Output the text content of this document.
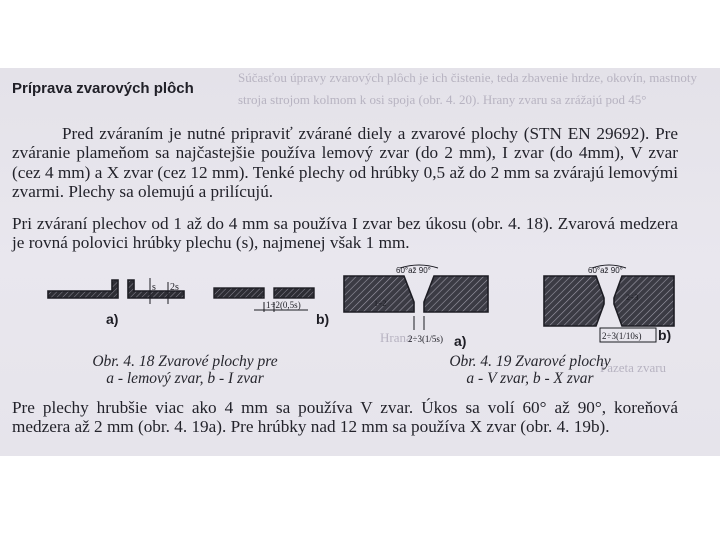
Súčasťou úpravy zvarových plôch je ich čistenie, teda zbavenie hrdze, okovín, mastnoty
stroja strojom kolmom k osi spoja (obr. 4. 20). Hrany zvaru sa zrážajú pod 45°
Hrana
Fazeta zvaru
Príprava zvarových plôch
Pred zváraním je nutné pripraviť zvárané diely a zvarové plochy (STN EN 29692). Pre
zváranie plameňom sa najčastejšie používa lemový zvar (do 2 mm), I zvar (do 4mm), V zvar (cez 4 mm) a X zvar (cez 12 mm). Tenké plechy od hrúbky 0,5 až do 2 mm sa zvárajú lemovými zvarmi. Plechy sa olemujú a prilícujú.
Pri zváraní plechov od 1 až do 4 mm sa používa I zvar bez úkosu (obr. 4. 18). Zvarová medzera je rovná polovici hrúbky plechu (s), najmenej však 1 mm.
s 2s
a)
1÷2(0,5s)
b)
60°až 90°
2÷3(1/5s)
1÷2
a)
60°až 90°
2÷3
2÷3(1/10s) b)
Obr. 4. 18 Zvarové plochy pre
a - lemový zvar, b - I zvar
Obr. 4. 19 Zvarové plochy
a - V zvar, b - X zvar
Pre plechy hrubšie viac ako 4 mm sa používa V zvar. Úkos sa volí 60° až 90°, koreňová medzera až 2 mm (obr. 4. 19a). Pre hrúbky nad 12 mm sa používa X zvar (obr. 4. 19b).
